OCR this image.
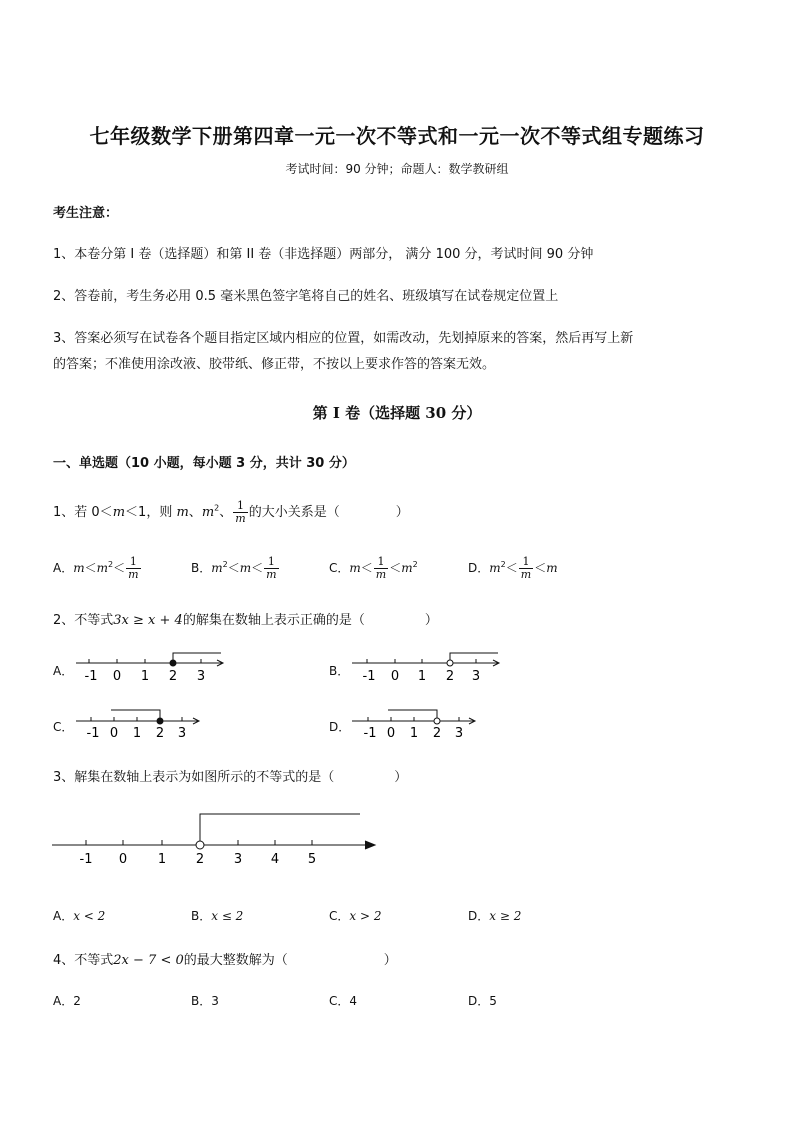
七年级数学下册第四章一元一次不等式和一元一次不等式组专题练习
考试时间：90 分钟；命题人：数学教研组
考生注意：
1、本卷分第 I 卷（选择题）和第 II 卷（非选择题）两部分， 满分 100 分，考试时间 90 分钟
2、答卷前，考生务必用 0.5 毫米黑色签字笔将自己的姓名、班级填写在试卷规定位置上
3、答案必须写在试卷各个题目指定区域内相应的位置，如需改动，先划掉原来的答案，然后再写上新
的答案；不准使用涂改液、胶带纸、修正带，不按以上要求作答的答案无效。
第 I 卷（选择题 30 分）
一、单选题（10 小题，每小题 3 分，共计 30 分）
1、若 0＜m＜1，则 m、$m^2$、 $\frac{1}{m}$ 的大小关系是（	）
A．$m<m^2< \frac{1}{m}$	B．$m^2<m< \frac{1}{m}$	C．$m< \frac{1}{m} <m^2$	D．$m^2< \frac{1}{m} <m$
2、不等式3x ≥ x + 4的解集在数轴上表示正确的是（	）
A． -1 0 1 2 3	B． -1 0 1 2 3
C． -1 0 1 2 3	D． -1 0 1 2 3
3、解集在数轴上表示为如图所示的不等式的是（	）
-1 0 1 2 3 4 5
A．x < 2	B．x ≤ 2	C．x > 2	D．x ≥ 2
4、不等式2x − 7 < 0的最大整数解为（	）
A．2	B．3	C．4	D．5
